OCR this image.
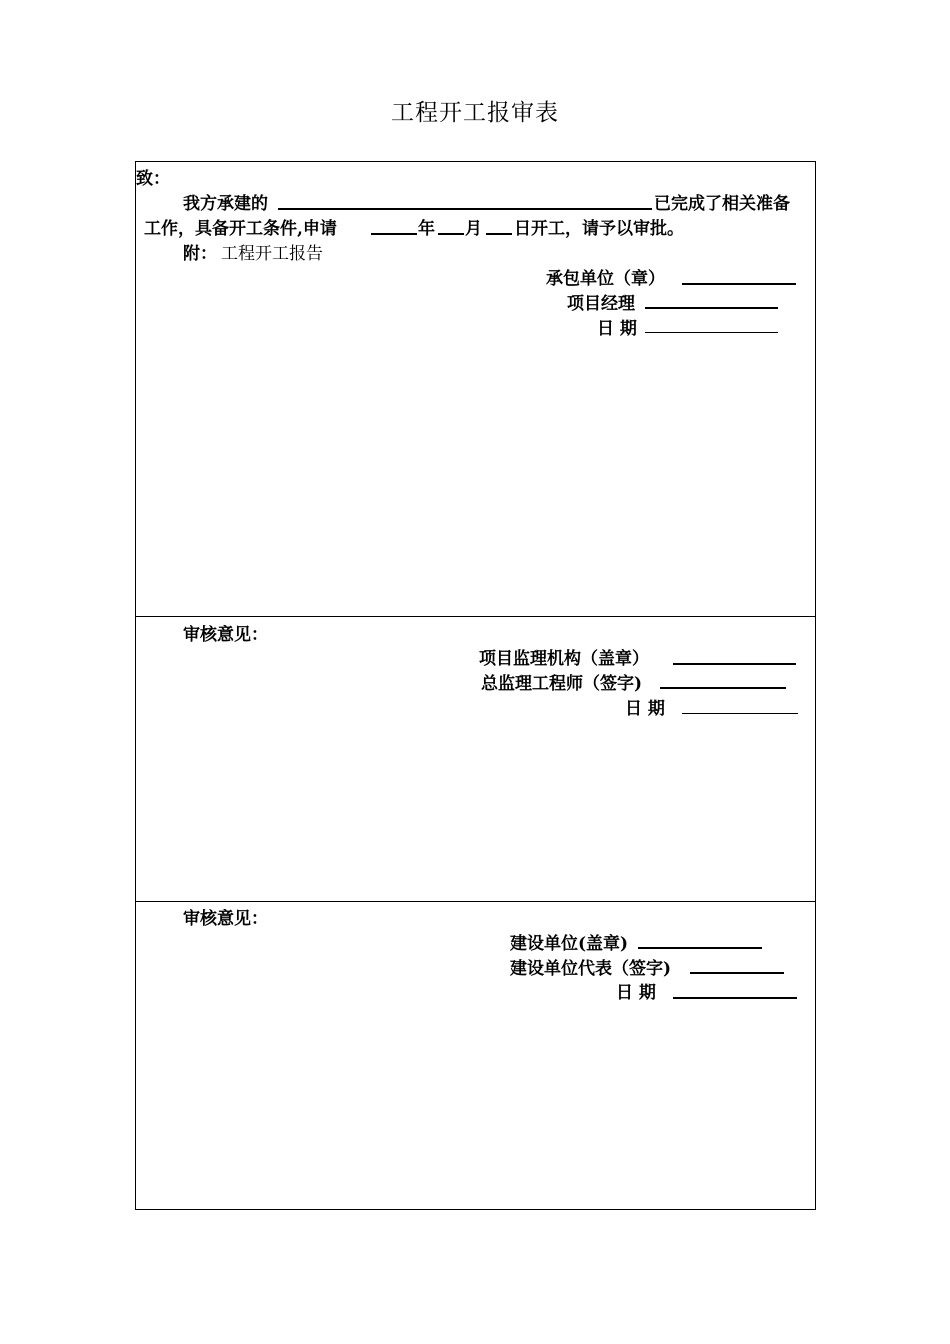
工程开工报审表
致：
我方承建的	已完成了相关准备
工作，具备开工条件,申请	年 月 日开工，请予以审批。
附： 工程开工报告
承包单位（章）
项目经理
日 期
审核意见：
项目监理机构（盖章）
总监理工程师（签字)
日 期
审核意见：
建设单位(盖章)
建设单位代表（签字)
日 期
